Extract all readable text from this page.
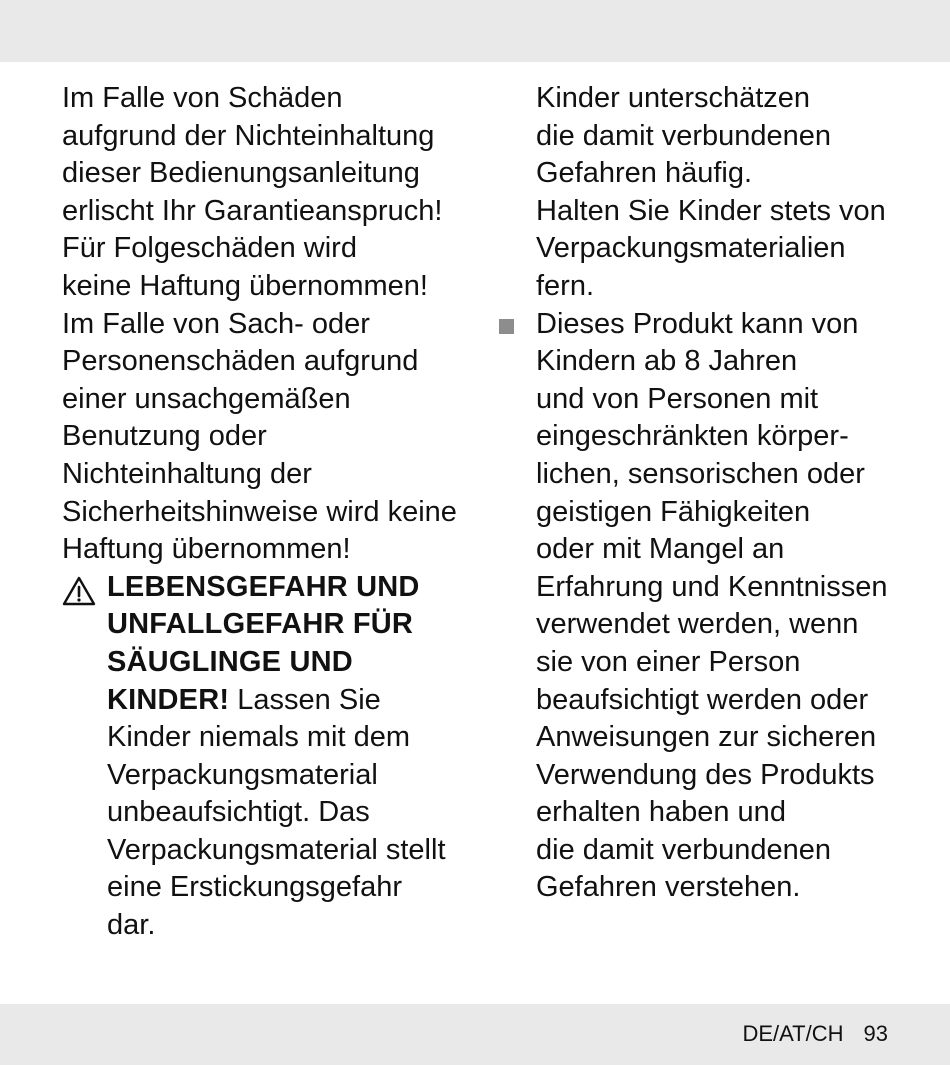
Im Falle von Schäden
aufgrund der Nichteinhaltung
dieser Bedienungsanleitung
erlischt Ihr Garantieanspruch!
Für Folgeschäden wird
keine Haftung übernommen!
Im Falle von Sach- oder
Personenschäden aufgrund
einer unsachgemäßen
Benutzung oder
Nichteinhaltung der
Sicherheitshinweise wird keine
Haftung übernommen!
LEBENSGEFAHR UND
UNFALLGEFAHR FÜR
SÄUGLINGE UND
KINDER! Lassen Sie
Kinder niemals mit dem
Verpackungsmaterial
unbeaufsichtigt. Das
Verpackungsmaterial stellt
eine Erstickungsgefahr
dar.
Kinder unterschätzen
die damit verbundenen
Gefahren häufig.
Halten Sie Kinder stets von
Verpackungsmaterialien
fern.
Dieses Produkt kann von
Kindern ab 8 Jahren
und von Personen mit
eingeschränkten körper-
lichen, sensorischen oder
geistigen Fähigkeiten
oder mit Mangel an
Erfahrung und Kenntnissen
verwendet werden, wenn
sie von einer Person
beaufsichtigt werden oder
Anweisungen zur sicheren
Verwendung des Produkts
erhalten haben und
die damit verbundenen
Gefahren verstehen.
DE/AT/CH 93
